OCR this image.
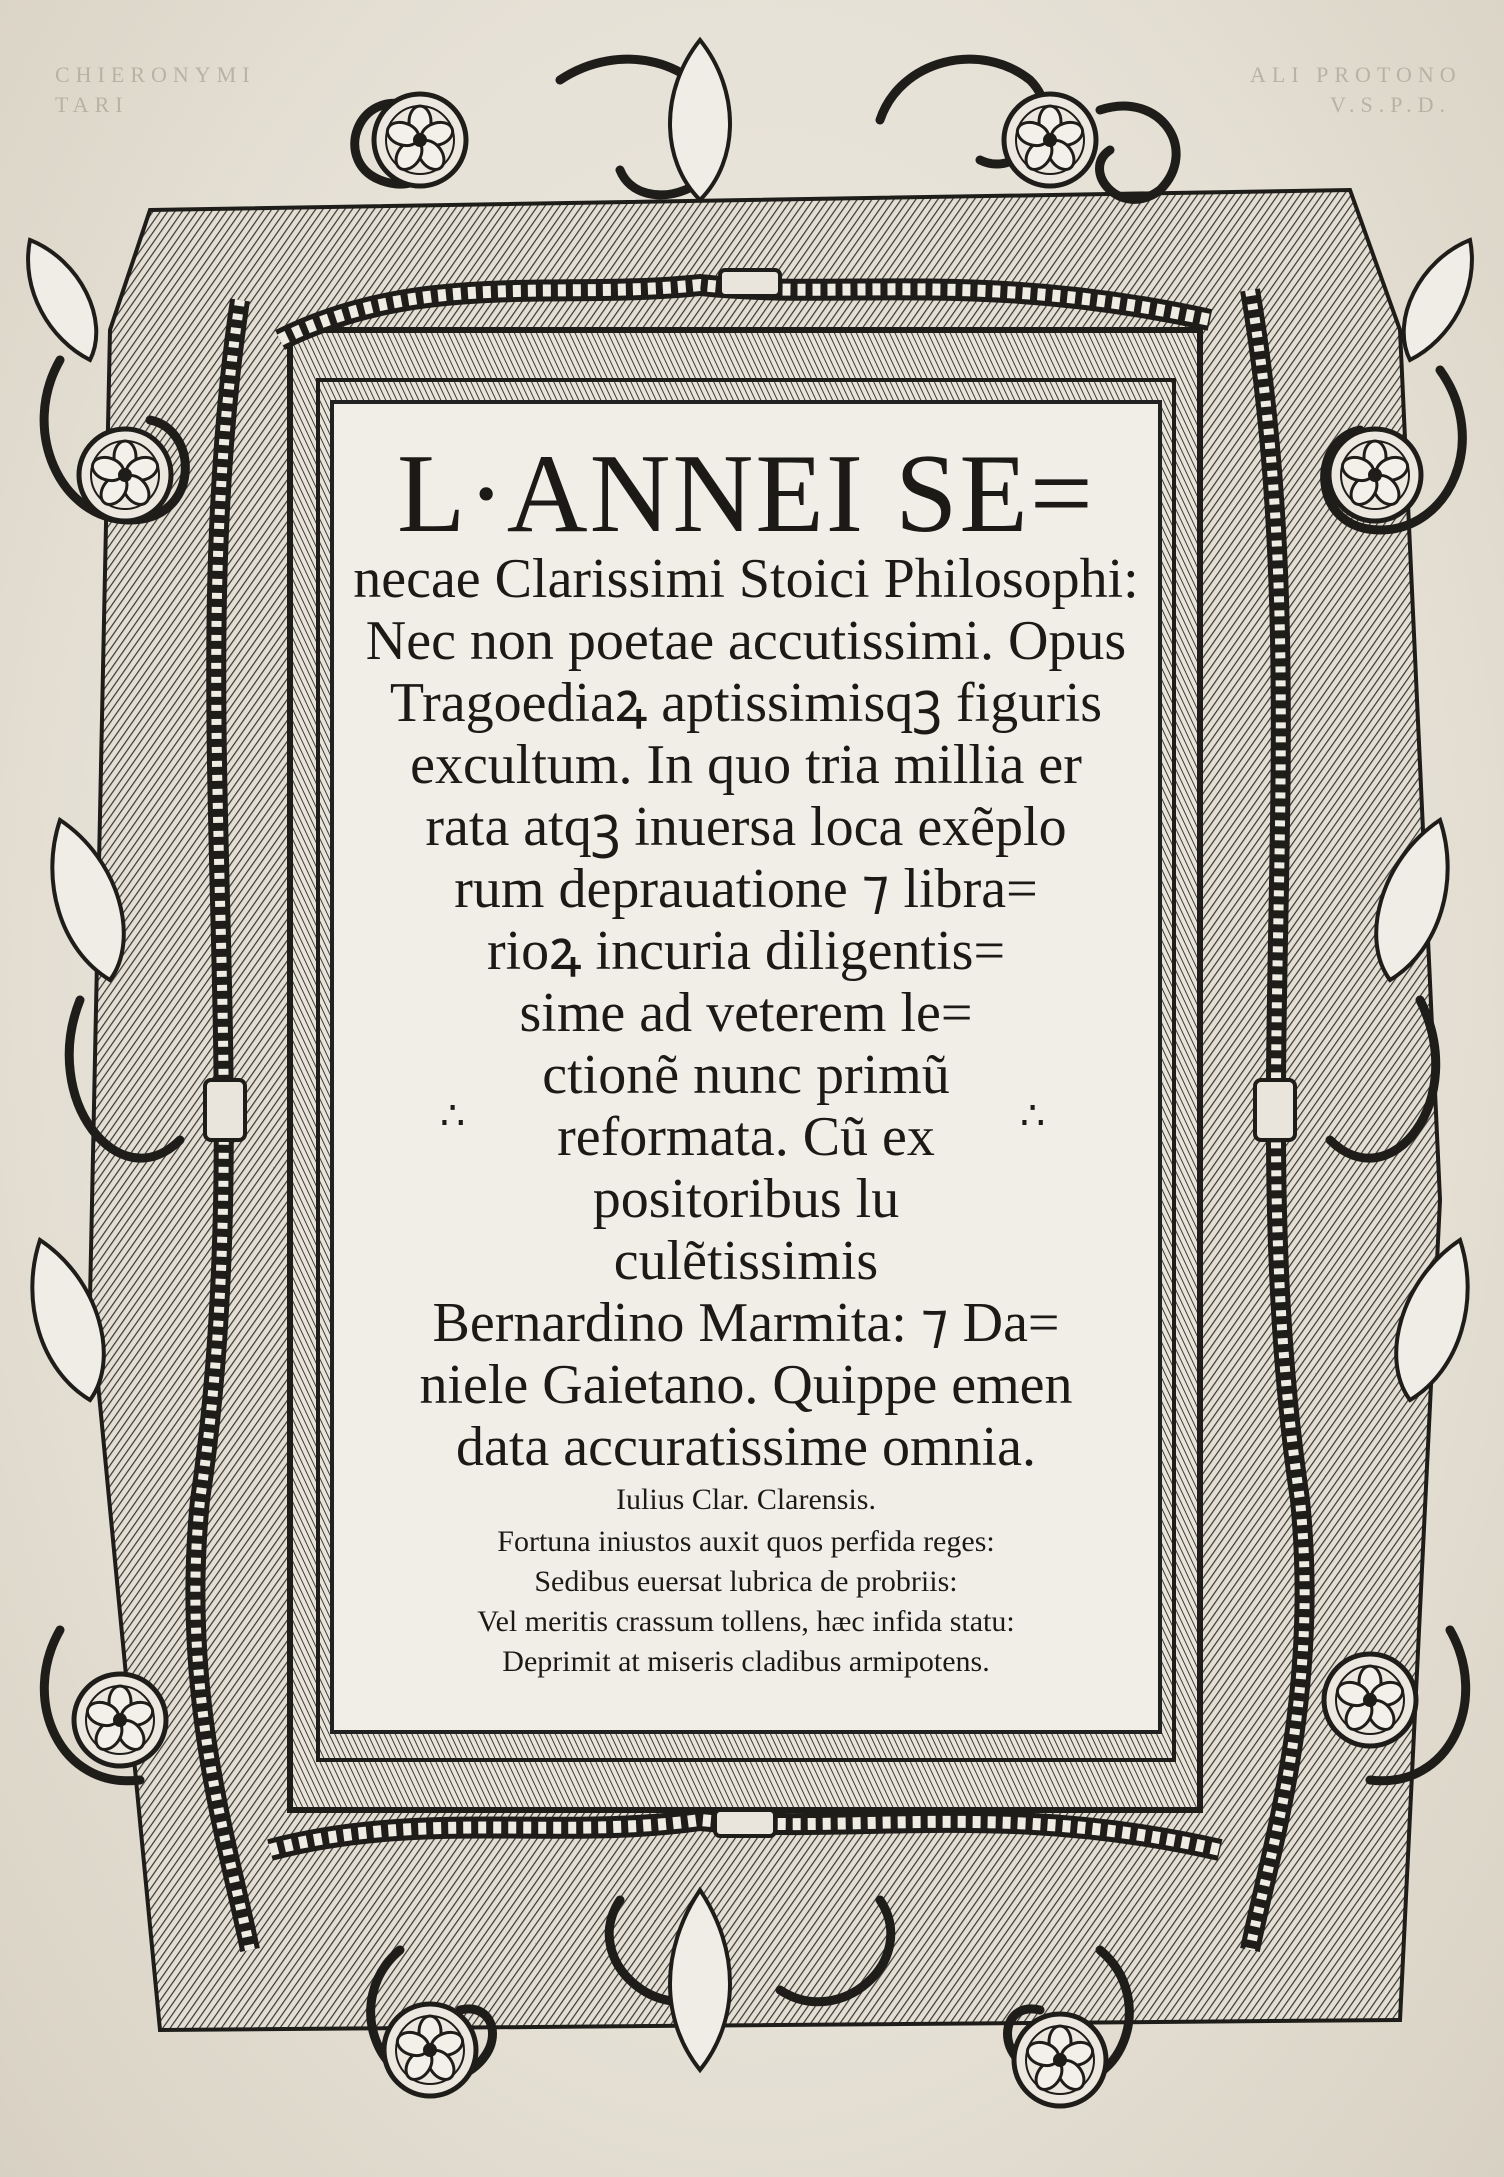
CHIERONYMI	ALI PROTONO
TARI	V.S.P.D.
L·ANNEI SE=
necae Clarissimi Stoici Philosophi:
Nec non poetae accutissimi. Opus
Tragoediaꝝ aptissimisqꝫ figuris
excultum. In quo tria millia er
rata atqꝫ inuersa loca exẽplo
rum deprauatione ⁊ libra=
rioꝝ incuria diligentis=
sime ad veterem le=
ctionẽ nunc primũ
reformata. Cũ ex
positoribus lu
culẽtissimis
Bernardino Marmita: ⁊ Da=
niele Gaietano. Quippe emen
data accuratissime omnia.
∴	∴
Iulius Clar. Clarensis.
Fortuna iniustos auxit quos perfida reges:
Sedibus euersat lubrica de probriis:
Vel meritis crassum tollens, hæc infida statu:
Deprimit at miseris cladibus armipotens.
